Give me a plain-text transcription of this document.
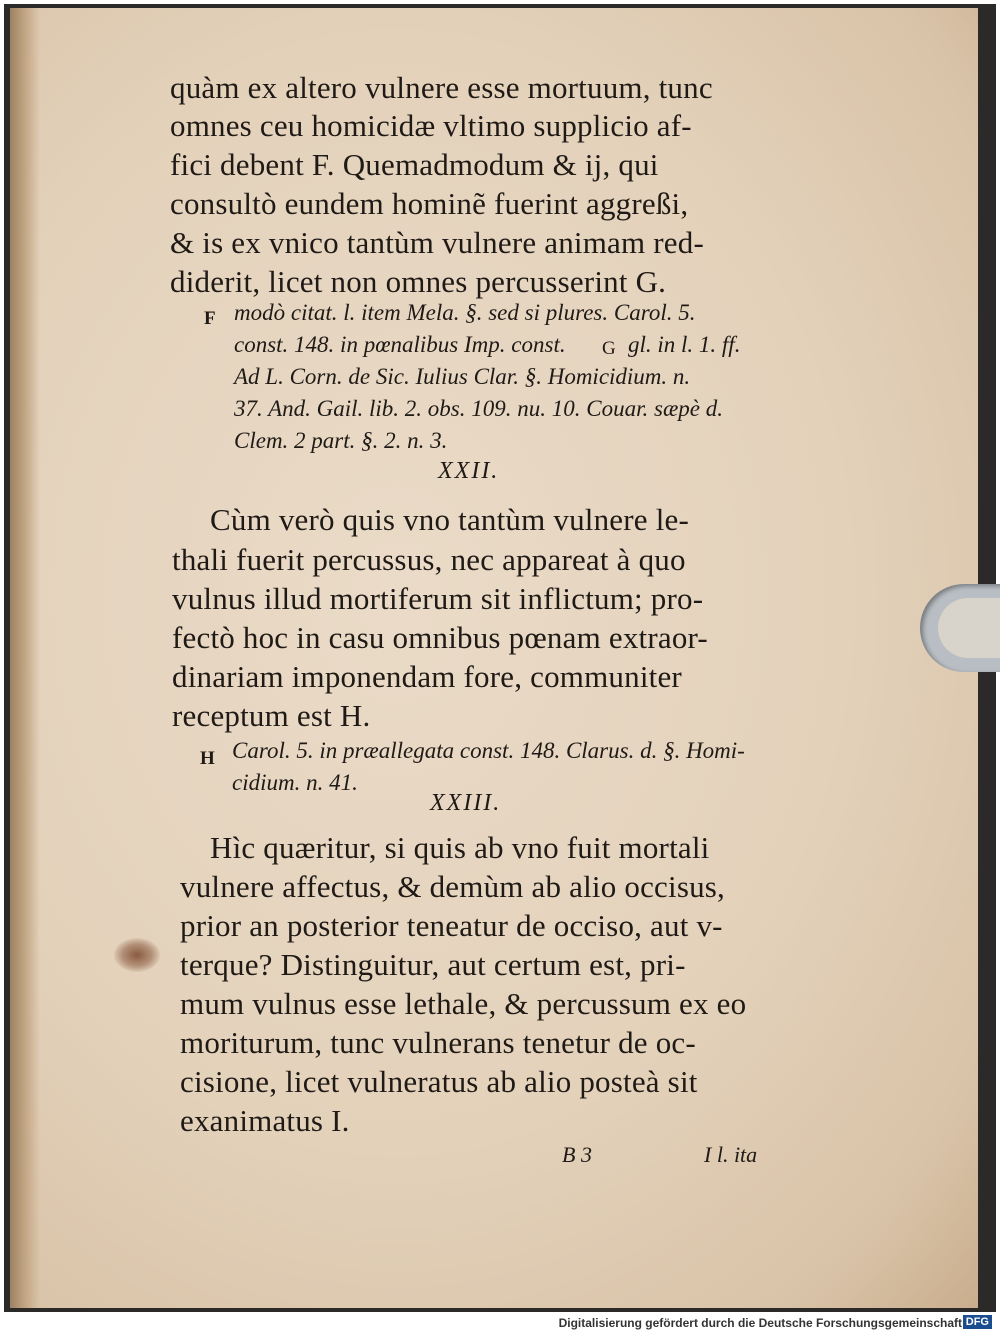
quàm ex altero vulnere esse mortuum, tunc
omnes ceu homicidæ vltimo supplicio af-
fici debent F. Quemadmodum & ij, qui
consultò eundem hominẽ fuerint aggreßi,
& is ex vnico tantùm vulnere animam red-
diderit, licet non omnes percusserint G.
F modò citat. l. item Mela. §. sed si plures. Carol. 5.
const. 148. in pœnalibus Imp. const. G gl. in l. 1. ff.
Ad L. Corn. de Sic. Iulius Clar. §. Homicidium. n.
37. And. Gail. lib. 2. obs. 109. nu. 10. Couar. sæpè d.
Clem. 2 part. §. 2. n. 3.
XXII.
Cùm verò quis vno tantùm vulnere le-
thali fuerit percussus, nec appareat à quo
vulnus illud mortiferum sit inflictum; pro-
fectò hoc in casu omnibus pœnam extraor-
dinariam imponendam fore, communiter
receptum est H.
H Carol. 5. in præallegata const. 148. Clarus. d. §. Homi-
cidium. n. 41.
XXIII.
Hìc quæritur, si quis ab vno fuit mortali
vulnere affectus, & demùm ab alio occisus,
prior an posterior teneatur de occiso, aut v-
terque? Distinguitur, aut certum est, pri-
mum vulnus esse lethale, & percussum ex eo
moriturum, tunc vulnerans tenetur de oc-
cisione, licet vulneratus ab alio posteà sit
exanimatus I.
B 3	I l. ita
Digitalisierung gefördert durch die Deutsche Forschungsgemeinschaft DFG
